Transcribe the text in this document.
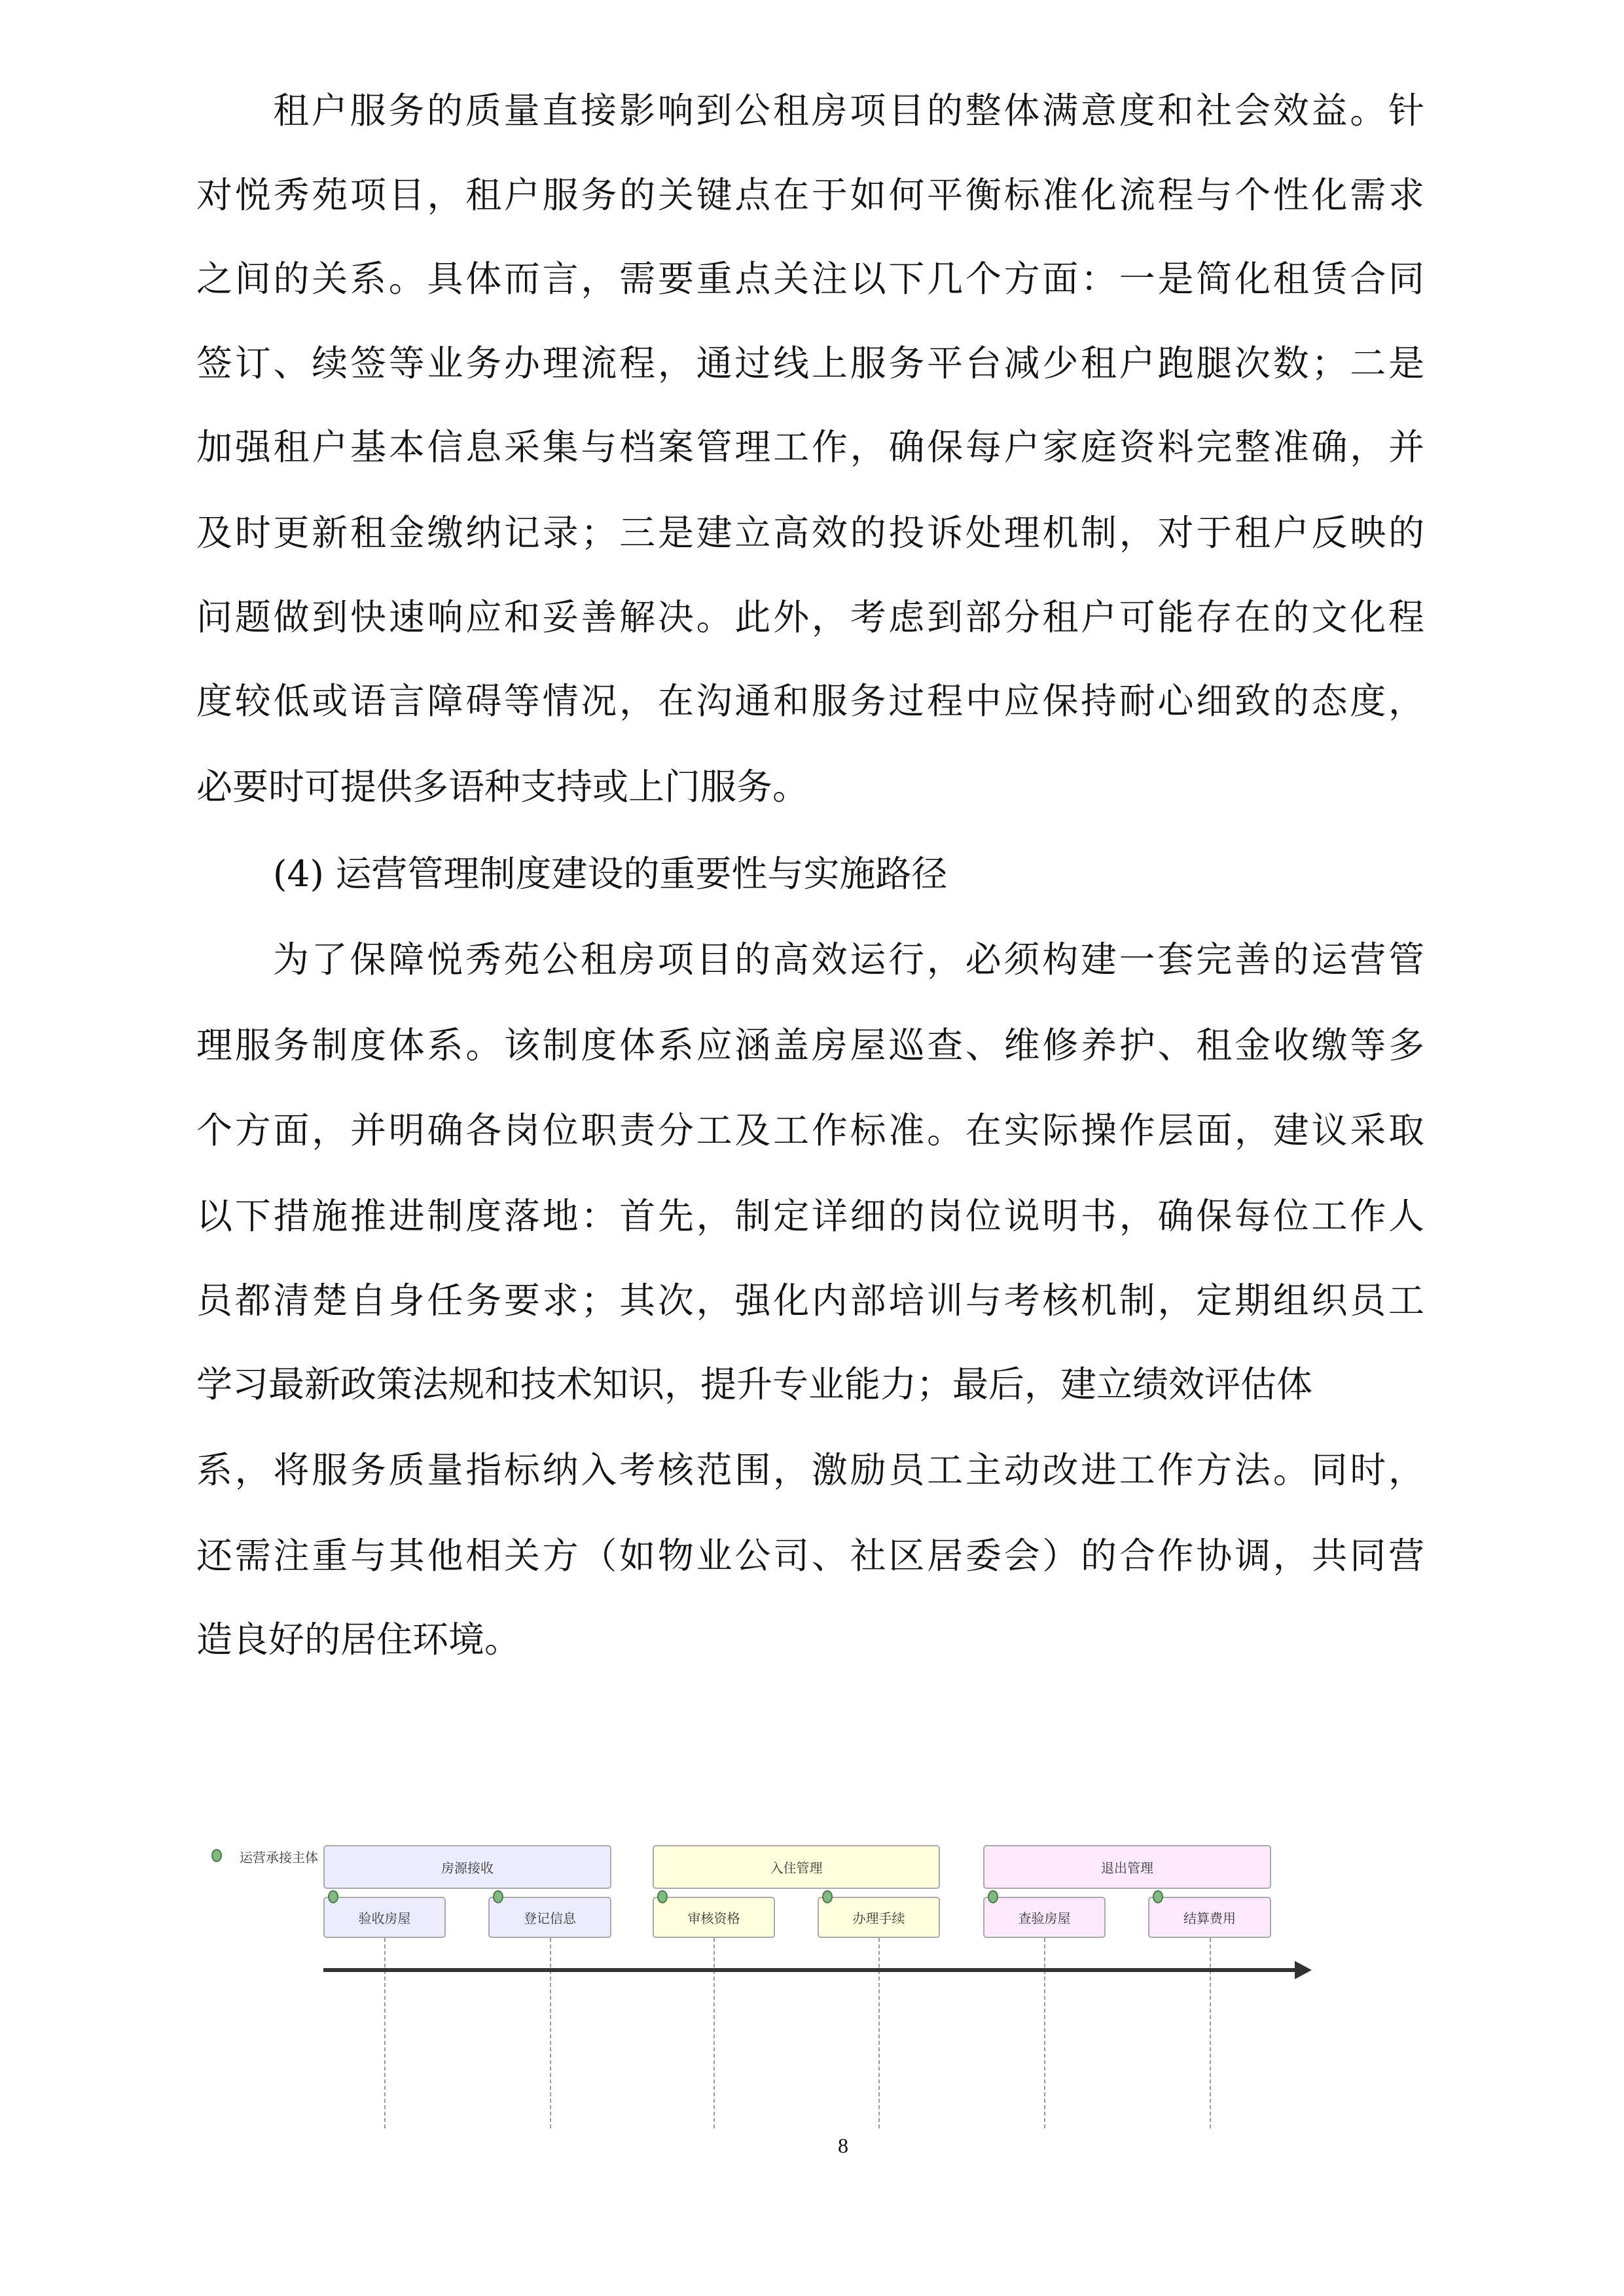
租户服务的质量直接影响到公租房项目的整体满意度和社会效益。针
对悦秀苑项目，租户服务的关键点在于如何平衡标准化流程与个性化需求
之间的关系。具体而言，需要重点关注以下几个方面：一是简化租赁合同
签订、续签等业务办理流程，通过线上服务平台减少租户跑腿次数；二是
加强租户基本信息采集与档案管理工作，确保每户家庭资料完整准确，并
及时更新租金缴纳记录；三是建立高效的投诉处理机制，对于租户反映的
问题做到快速响应和妥善解决。此外，考虑到部分租户可能存在的文化程
度较低或语言障碍等情况，在沟通和服务过程中应保持耐心细致的态度，
必要时可提供多语种支持或上门服务。
(4) 运营管理制度建设的重要性与实施路径
为了保障悦秀苑公租房项目的高效运行，必须构建一套完善的运营管
理服务制度体系。该制度体系应涵盖房屋巡查、维修养护、租金收缴等多
个方面，并明确各岗位职责分工及工作标准。在实际操作层面，建议采取
以下措施推进制度落地：首先，制定详细的岗位说明书，确保每位工作人
员都清楚自身任务要求；其次，强化内部培训与考核机制，定期组织员工
学习最新政策法规和技术知识，提升专业能力；最后，建立绩效评估体
系，将服务质量指标纳入考核范围，激励员工主动改进工作方法。同时，
还需注重与其他相关方（如物业公司、社区居委会）的合作协调，共同营
造良好的居住环境。
运营承接主体
房源接收	入住管理	退出管理
验收房屋	登记信息	审核资格	办理手续	查验房屋	结算费用
8
